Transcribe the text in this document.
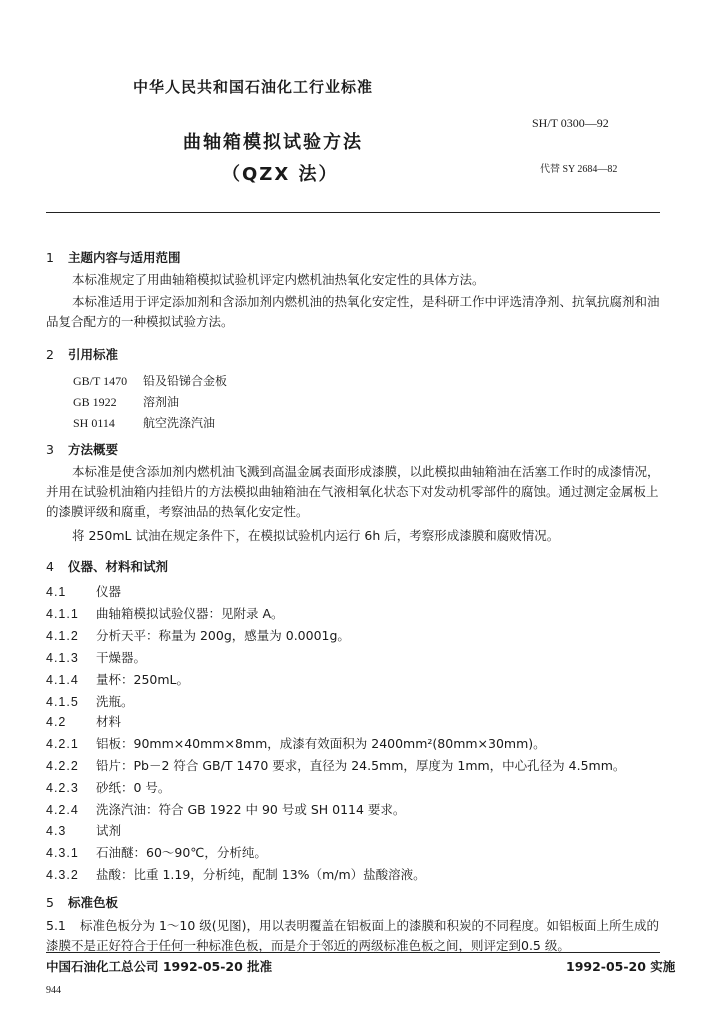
中华人民共和国石油化工行业标准
SH/T 0300—92
曲轴箱模拟试验方法
（QZX 法）	代替 SY 2684—82
1 主题内容与适用范围
本标准规定了用曲轴箱模拟试验机评定内燃机油热氧化安定性的具体方法。
本标准适用于评定添加剂和含添加剂内燃机油的热氧化安定性，是科研工作中评选清净剂、抗氧抗腐剂和油品复合配方的一种模拟试验方法。
2 引用标准
GB/T 1470 铅及铅锑合金板
GB 1922 溶剂油
SH 0114 航空洗涤汽油
3 方法概要
本标准是使含添加剂内燃机油飞溅到高温金属表面形成漆膜，以此模拟曲轴箱油在活塞工作时的成漆情况，并用在试验机油箱内挂铅片的方法模拟曲轴箱油在气液相氧化状态下对发动机零部件的腐蚀。通过测定金属板上的漆膜评级和腐重，考察油品的热氧化安定性。
将 250mL 试油在规定条件下，在模拟试验机内运行 6h 后，考察形成漆膜和腐败情况。
4 仪器、材料和试剂
4.1 仪器
4.1.1 曲轴箱模拟试验仪器：见附录 A。
4.1.2 分析天平：称量为 200g，感量为 0.0001g。
4.1.3 干燥器。
4.1.4 量杯：250mL。
4.1.5 洗瓶。
4.2 材料
4.2.1 铝板：90mm×40mm×8mm，成漆有效面积为 2400mm²(80mm×30mm)。
4.2.2 铅片：Pb－2 符合 GB/T 1470 要求，直径为 24.5mm，厚度为 1mm，中心孔径为 4.5mm。
4.2.3 砂纸：0 号。
4.2.4 洗涤汽油：符合 GB 1922 中 90 号或 SH 0114 要求。
4.3 试剂
4.3.1 石油醚：60～90℃，分析纯。
4.3.2 盐酸：比重 1.19，分析纯，配制 13%（m/m）盐酸溶液。
5 标准色板
5.1 标准色板分为 1～10 级(见图)，用以表明覆盖在铝板面上的漆膜和积炭的不同程度。如铝板面上所生成的漆膜不是正好符合于任何一种标准色板，而是介于邻近的两级标准色板之间，则评定到0.5 级。
中国石油化工总公司 1992-05-20 批准	1992-05-20 实施
944
